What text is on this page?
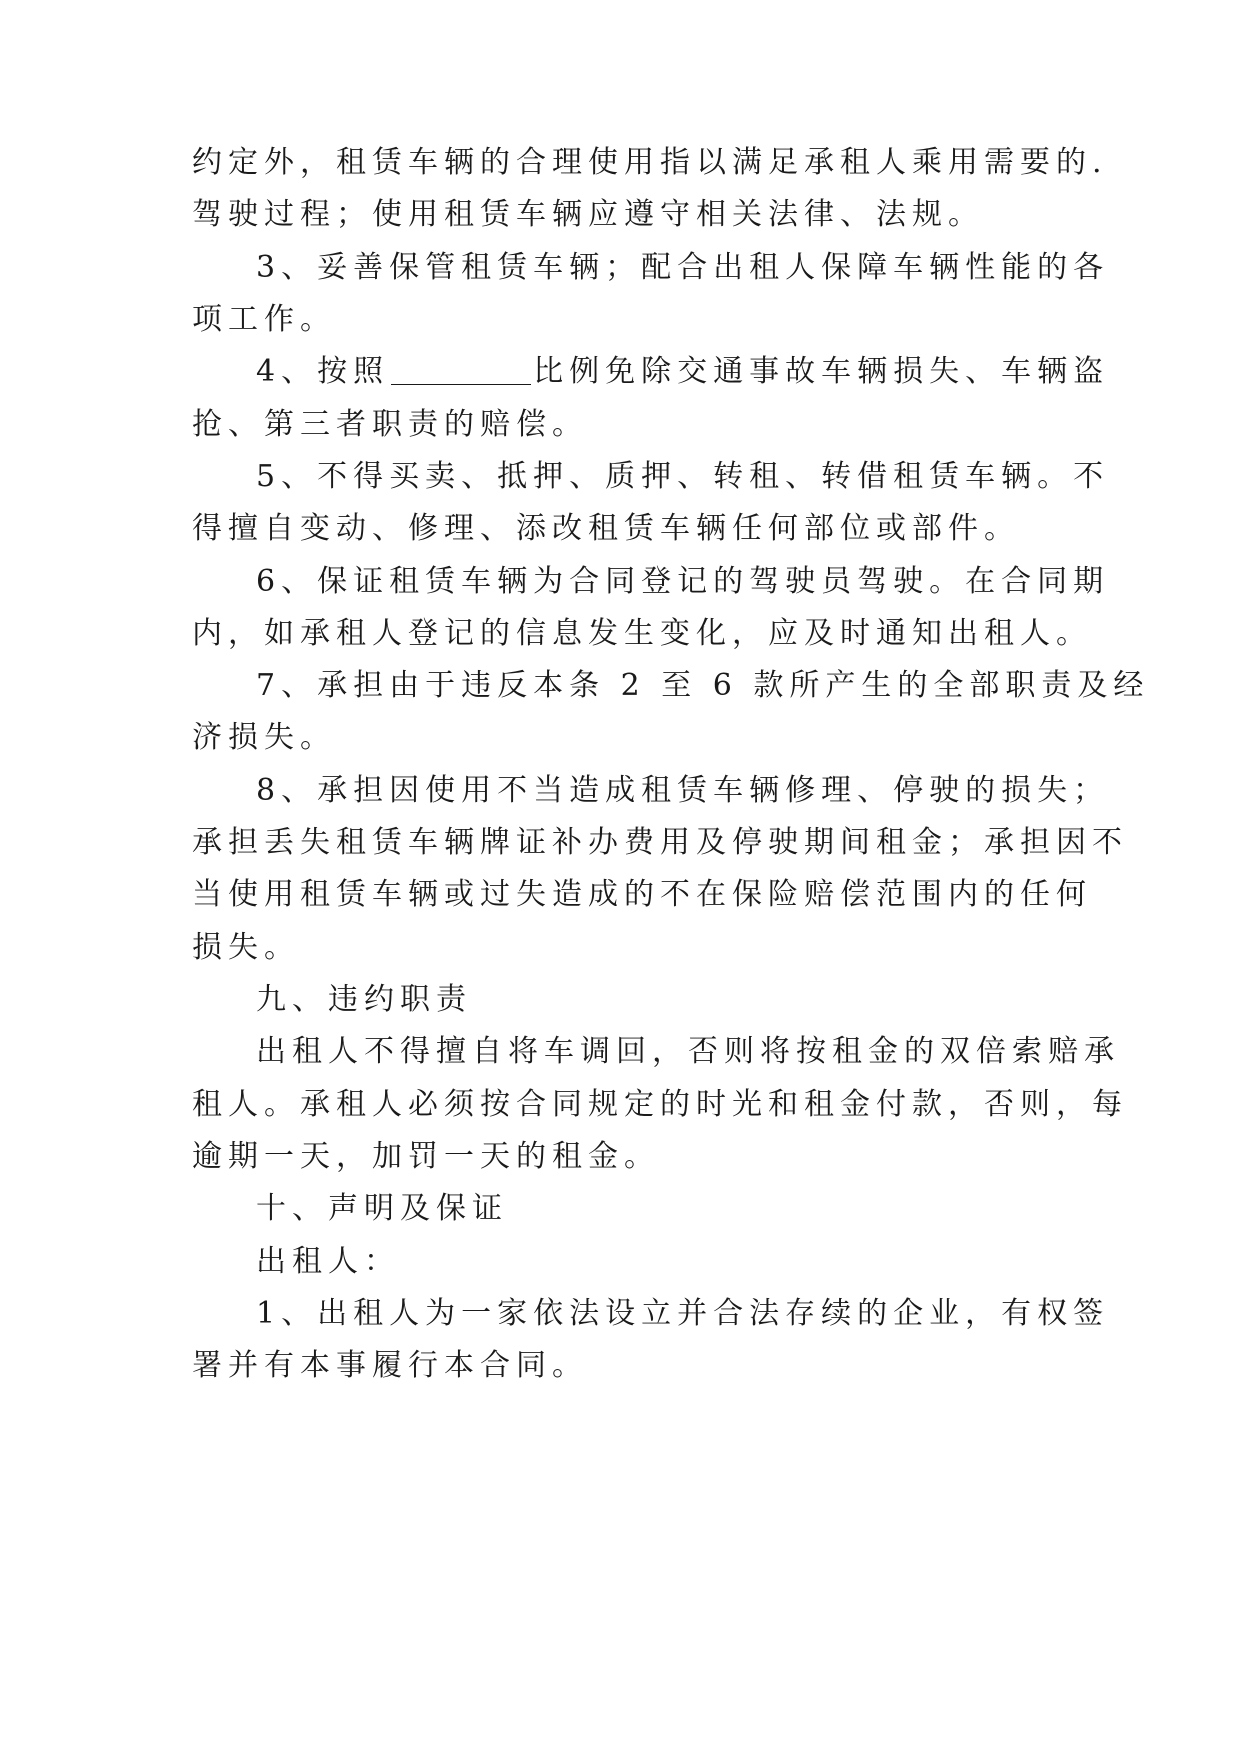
约定外，租赁车辆的合理使用指以满足承租人乘用需要的.
驾驶过程；使用租赁车辆应遵守相关法律、法规。
3、妥善保管租赁车辆；配合出租人保障车辆性能的各
项工作。
4、按照	比例免除交通事故车辆损失、车辆盗
抢、第三者职责的赔偿。
5、不得买卖、抵押、质押、转租、转借租赁车辆。不
得擅自变动、修理、添改租赁车辆任何部位或部件。
6、保证租赁车辆为合同登记的驾驶员驾驶。在合同期
内，如承租人登记的信息发生变化，应及时通知出租人。
7、承担由于违反本条 2 至 6 款所产生的全部职责及经
济损失。
8、承担因使用不当造成租赁车辆修理、停驶的损失；
承担丢失租赁车辆牌证补办费用及停驶期间租金；承担因不
当使用租赁车辆或过失造成的不在保险赔偿范围内的任何
损失。
九、违约职责
出租人不得擅自将车调回，否则将按租金的双倍索赔承
租人。承租人必须按合同规定的时光和租金付款，否则，每
逾期一天，加罚一天的租金。
十、声明及保证
出租人：
1、出租人为一家依法设立并合法存续的企业，有权签
署并有本事履行本合同。
